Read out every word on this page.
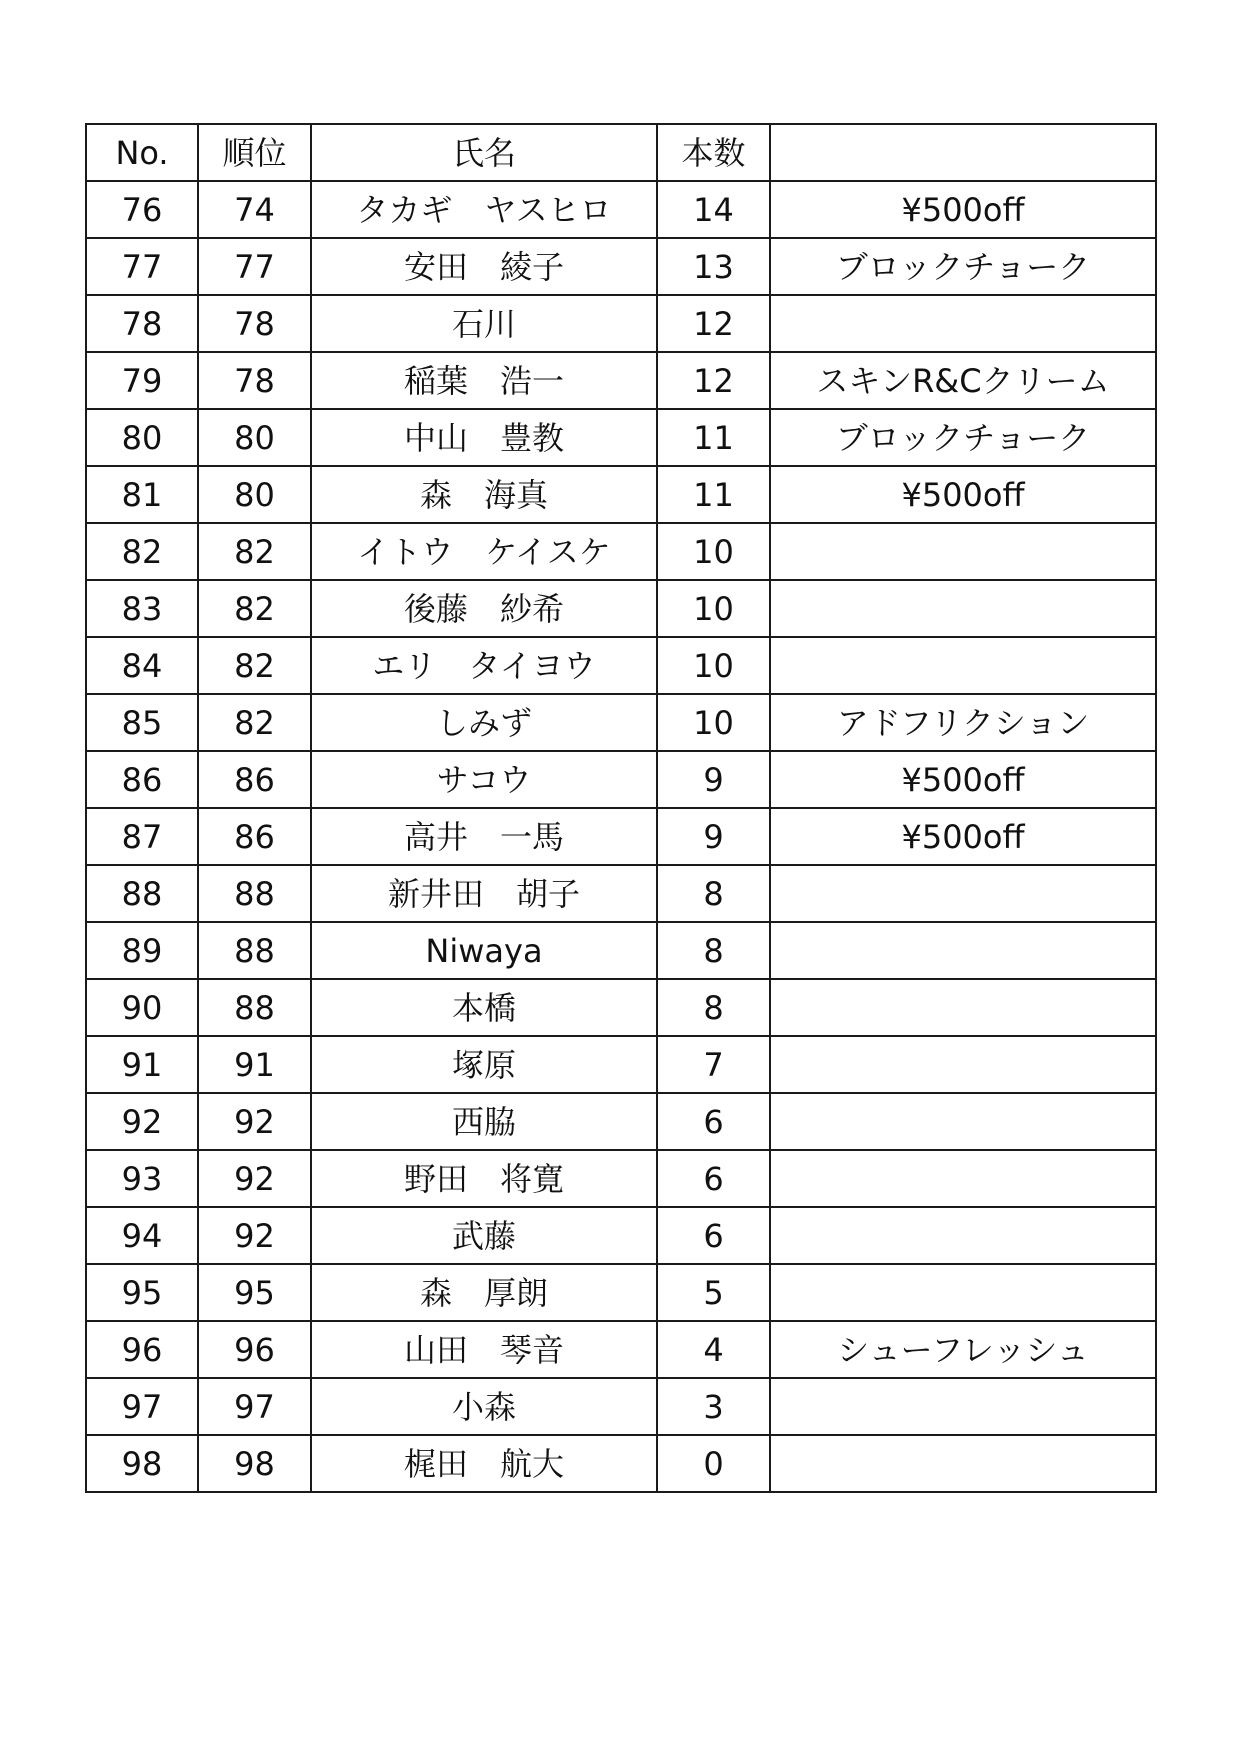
No.	順位	氏名	本数	
76	74	タカギ　ヤスヒロ	14	¥500off
77	77	安田　綾子	13	ブロックチョーク
78	78	石川	12	
79	78	稲葉　浩一	12	スキンR&Cクリーム
80	80	中山　豊教	11	ブロックチョーク
81	80	森　海真	11	¥500off
82	82	イトウ　ケイスケ	10	
83	82	後藤　紗希	10	
84	82	エリ　タイヨウ	10	
85	82	しみず	10	アドフリクション
86	86	サコウ	9	¥500off
87	86	高井　一馬	9	¥500off
88	88	新井田　胡子	8	
89	88	Niwaya	8	
90	88	本橋	8	
91	91	塚原	7	
92	92	西脇	6	
93	92	野田　将寛	6	
94	92	武藤	6	
95	95	森　厚朗	5	
96	96	山田　琴音	4	シューフレッシュ
97	97	小森	3	
98	98	梶田　航大	0	
